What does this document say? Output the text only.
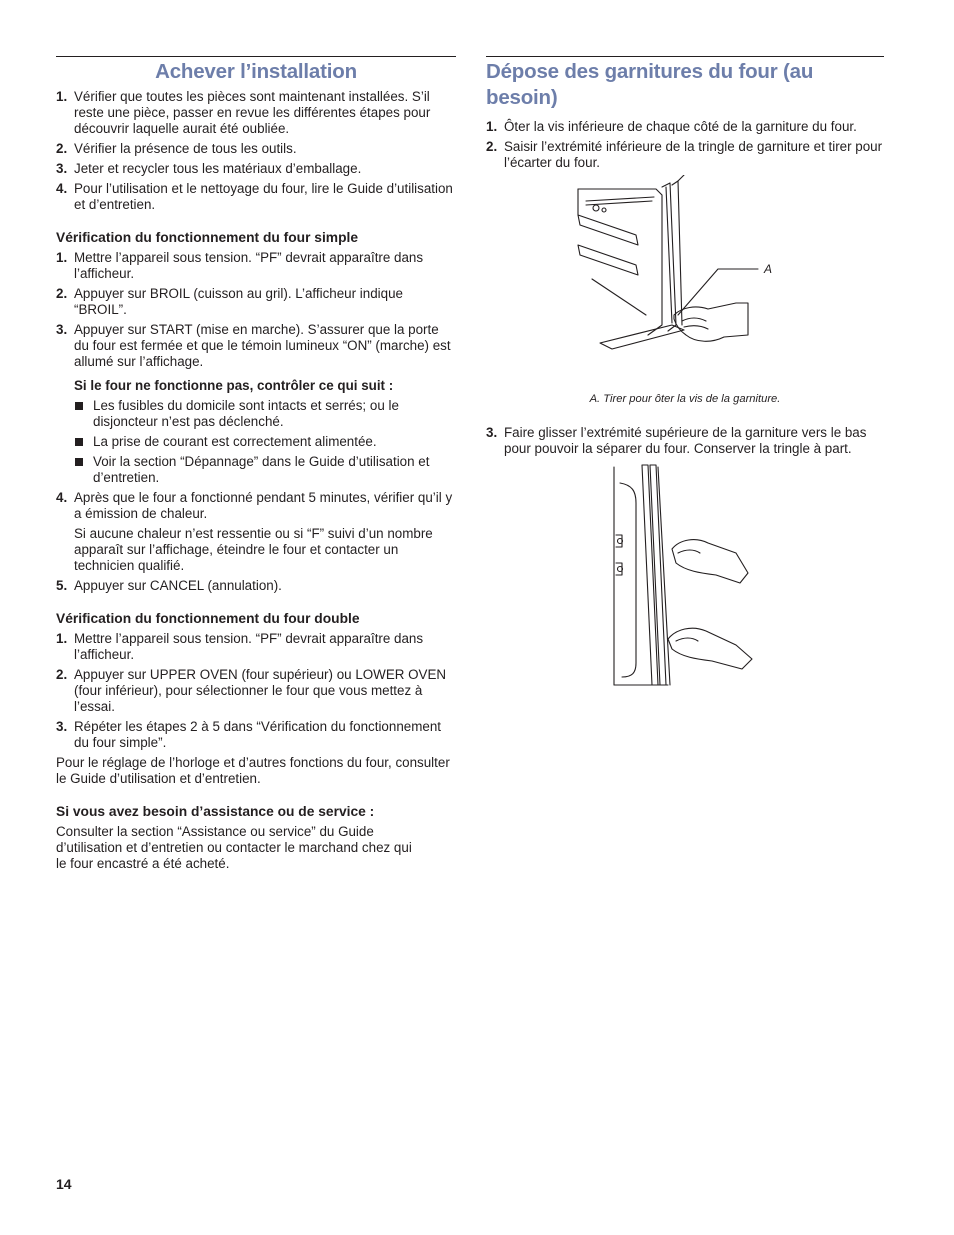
Achever l’installation
1. Vérifier que toutes les pièces sont maintenant installées. S’il reste une pièce, passer en revue les différentes étapes pour découvrir laquelle aurait été oubliée.
2. Vérifier la présence de tous les outils.
3. Jeter et recycler tous les matériaux d’emballage.
4. Pour l’utilisation et le nettoyage du four, lire le Guide d’utilisation et d’entretien.
Vérification du fonctionnement du four simple
1. Mettre l’appareil sous tension. “PF” devrait apparaître dans l’afficheur.
2. Appuyer sur BROIL (cuisson au gril). L’afficheur indique “BROIL”.
3. Appuyer sur START (mise en marche). S’assurer que la porte du four est fermée et que le témoin lumineux “ON” (marche) est allumé sur l’affichage.
Si le four ne fonctionne pas, contrôler ce qui suit :
Les fusibles du domicile sont intacts et serrés; ou le disjoncteur n’est pas déclenché.
La prise de courant est correctement alimentée.
Voir la section “Dépannage” dans le Guide d’utilisation et d’entretien.
4. Après que le four a fonctionné pendant 5 minutes, vérifier qu’il y a émission de chaleur.
Si aucune chaleur n’est ressentie ou si “F” suivi d’un nombre apparaît sur l’affichage, éteindre le four et contacter un technicien qualifié.
5. Appuyer sur CANCEL (annulation).
Vérification du fonctionnement du four double
1. Mettre l’appareil sous tension. “PF” devrait apparaître dans l’afficheur.
2. Appuyer sur UPPER OVEN (four supérieur) ou LOWER OVEN (four inférieur), pour sélectionner le four que vous mettez à l’essai.
3. Répéter les étapes 2 à 5 dans “Vérification du fonctionnement du four simple”.
Pour le réglage de l’horloge et d’autres fonctions du four, consulter le Guide d’utilisation et d’entretien.
Si vous avez besoin d’assistance ou de service :
Consulter la section “Assistance ou service” du Guide d’utilisation et d’entretien ou contacter le marchand chez qui le four encastré a été acheté.
Dépose des garnitures du four (au besoin)
1. Ôter la vis inférieure de chaque côté de la garniture du four.
2. Saisir l’extrémité inférieure de la tringle de garniture et tirer pour l’écarter du four.
A
A. Tirer pour ôter la vis de la garniture.
3. Faire glisser l’extrémité supérieure de la garniture vers le bas pour pouvoir la séparer du four. Conserver la tringle à part.
14
